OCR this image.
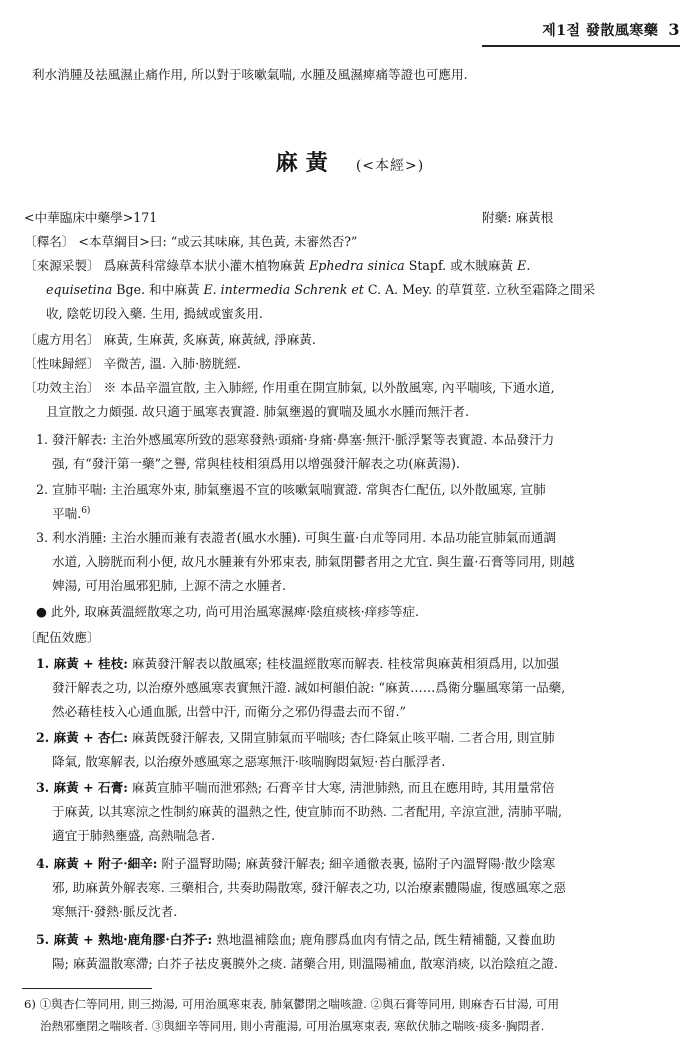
제1절 發散風寒藥 3
利水消腫及祛風濕止痛作用, 所以對于咳嗽氣喘, 水腫及風濕痺痛等證也可應用.
麻黃 (<本經>)
<中華臨床中藥學>171	附藥: 麻黃根
〔釋名〕 <本草綱目>曰: “或云其味麻, 其色黃, 未審然否?”
〔來源采製〕 爲麻黃科常綠草本狀小灌木植物麻黃 Ephedra sinica Stapf. 或木賊麻黃 E.
equisetina Bge. 和中麻黃 E. intermedia Schrenk et C. A. Mey. 的草質莖. 立秋至霜降之間采
收, 陰乾切段入藥. 生用, 搗絨或蜜炙用.
〔處方用名〕 麻黃, 生麻黃, 炙麻黃, 麻黃絨, 淨麻黃.
〔性味歸經〕 辛微苦, 溫. 入肺·膀胱經.
〔功效主治〕 ※ 本品辛溫宣散, 主入肺經, 作用重在開宣肺氣, 以外散風寒, 內平喘咳, 下通水道,
且宣散之力頗强. 故只適于風寒表實證. 肺氣壅遏的實喘及風水水腫而無汗者.
1. 發汗解表: 主治外感風寒所致的惡寒發熱·頭痛·身痛·鼻塞·無汗·脈浮緊等表實證. 本品發汗力
强, 有“發汗第一藥”之譽, 常與桂枝相須爲用以增强發汗解表之功(麻黃湯).
2. 宣肺平喘: 主治風寒外束, 肺氣壅遏不宣的咳嗽氣喘實證. 常與杏仁配伍, 以外散風寒, 宣肺
平喘.$^{6)}$
3. 利水消腫: 主治水腫而兼有表證者(風水水腫). 可與生薑·白朮等同用. 本品功能宣肺氣而通調
水道, 入膀胱而利小便, 故凡水腫兼有外邪束表, 肺氣閉鬱者用之尤宜. 與生薑·石膏等同用, 則越
婢湯, 可用治風邪犯肺, 上源不淸之水腫者.
● 此外, 取麻黃溫經散寒之功, 尚可用治風寒濕痺·陰疽痰核·痒疹等症.
〔配伍效應〕
1. 麻黃 + 桂枝: 麻黃發汗解表以散風寒; 桂枝溫經散寒而解表. 桂枝常與麻黃相須爲用, 以加强
發汗解表之功, 以治療外感風寒表實無汗證. 誠如柯韻伯說: “麻黃……爲衛分驅風寒第一品藥,
然必藉桂枝入心通血脈, 出營中汗, 而衛分之邪仍得盡去而不留.”
2. 麻黃 + 杏仁: 麻黃旣發汗解表, 又開宣肺氣而平喘咳; 杏仁降氣止咳平喘. 二者合用, 則宣肺
降氣, 散寒解表, 以治療外感風寒之惡寒無汗·咳喘胸悶氣短·苔白脈浮者.
3. 麻黃 + 石膏: 麻黃宣肺平喘而泄邪熱; 石膏辛甘大寒, 淸泄肺熱, 而且在應用時, 其用量常倍
于麻黃, 以其寒涼之性制約麻黃的溫熱之性, 使宣肺而不助熱. 二者配用, 辛涼宣泄, 淸肺平喘,
適宜于肺熱壅盛, 高熱喘急者.
4. 麻黃 + 附子·細辛: 附子溫腎助陽; 麻黃發汗解表; 細辛通徹表裏, 協附子內溫腎陽·散少陰寒
邪, 助麻黃外解表寒. 三藥相合, 共奏助陽散寒, 發汗解表之功, 以治療素體陽虛, 復感風寒之惡
寒無汗·發熱·脈反沈者.
5. 麻黃 + 熟地·鹿角膠·白芥子: 熟地溫補陰血; 鹿角膠爲血肉有情之品, 旣生精補髓, 又養血助
陽; 麻黃溫散寒滯; 白芥子祛皮裏膜外之痰. 諸藥合用, 則溫陽補血, 散寒消痰, 以治陰疽之證.
6) ①與杏仁等同用, 則三拗湯, 可用治風寒束表, 肺氣鬱閉之喘咳證. ②與石膏等同用, 則麻杏石甘湯, 可用
治熱邪壅閉之喘咳者. ③與細辛等同用, 則小靑龍湯, 可用治風寒束表, 寒飮伏肺之喘咳·痰多·胸悶者.
